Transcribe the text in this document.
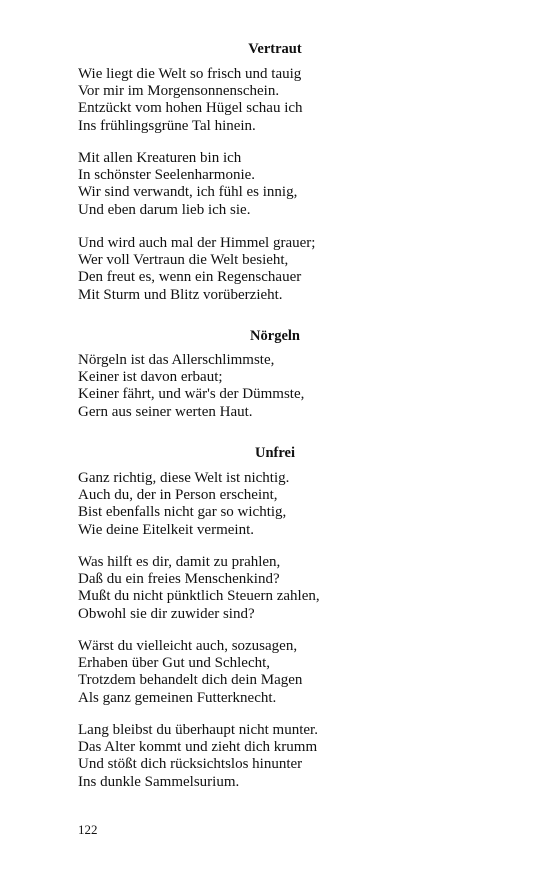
Vertraut
Wie liegt die Welt so frisch und tauig
Vor mir im Morgensonnenschein.
Entzückt vom hohen Hügel schau ich
Ins frühlingsgrüne Tal hinein.
Mit allen Kreaturen bin ich
In schönster Seelenharmonie.
Wir sind verwandt, ich fühl es innig,
Und eben darum lieb ich sie.
Und wird auch mal der Himmel grauer;
Wer voll Vertraun die Welt besieht,
Den freut es, wenn ein Regenschauer
Mit Sturm und Blitz vorüberzieht.
Nörgeln
Nörgeln ist das Allerschlimmste,
Keiner ist davon erbaut;
Keiner fährt, und wär's der Dümmste,
Gern aus seiner werten Haut.
Unfrei
Ganz richtig, diese Welt ist nichtig.
Auch du, der in Person erscheint,
Bist ebenfalls nicht gar so wichtig,
Wie deine Eitelkeit vermeint.
Was hilft es dir, damit zu prahlen,
Daß du ein freies Menschenkind?
Mußt du nicht pünktlich Steuern zahlen,
Obwohl sie dir zuwider sind?
Wärst du vielleicht auch, sozusagen,
Erhaben über Gut und Schlecht,
Trotzdem behandelt dich dein Magen
Als ganz gemeinen Futterknecht.
Lang bleibst du überhaupt nicht munter.
Das Alter kommt und zieht dich krumm
Und stößt dich rücksichtslos hinunter
Ins dunkle Sammelsurium.
122
